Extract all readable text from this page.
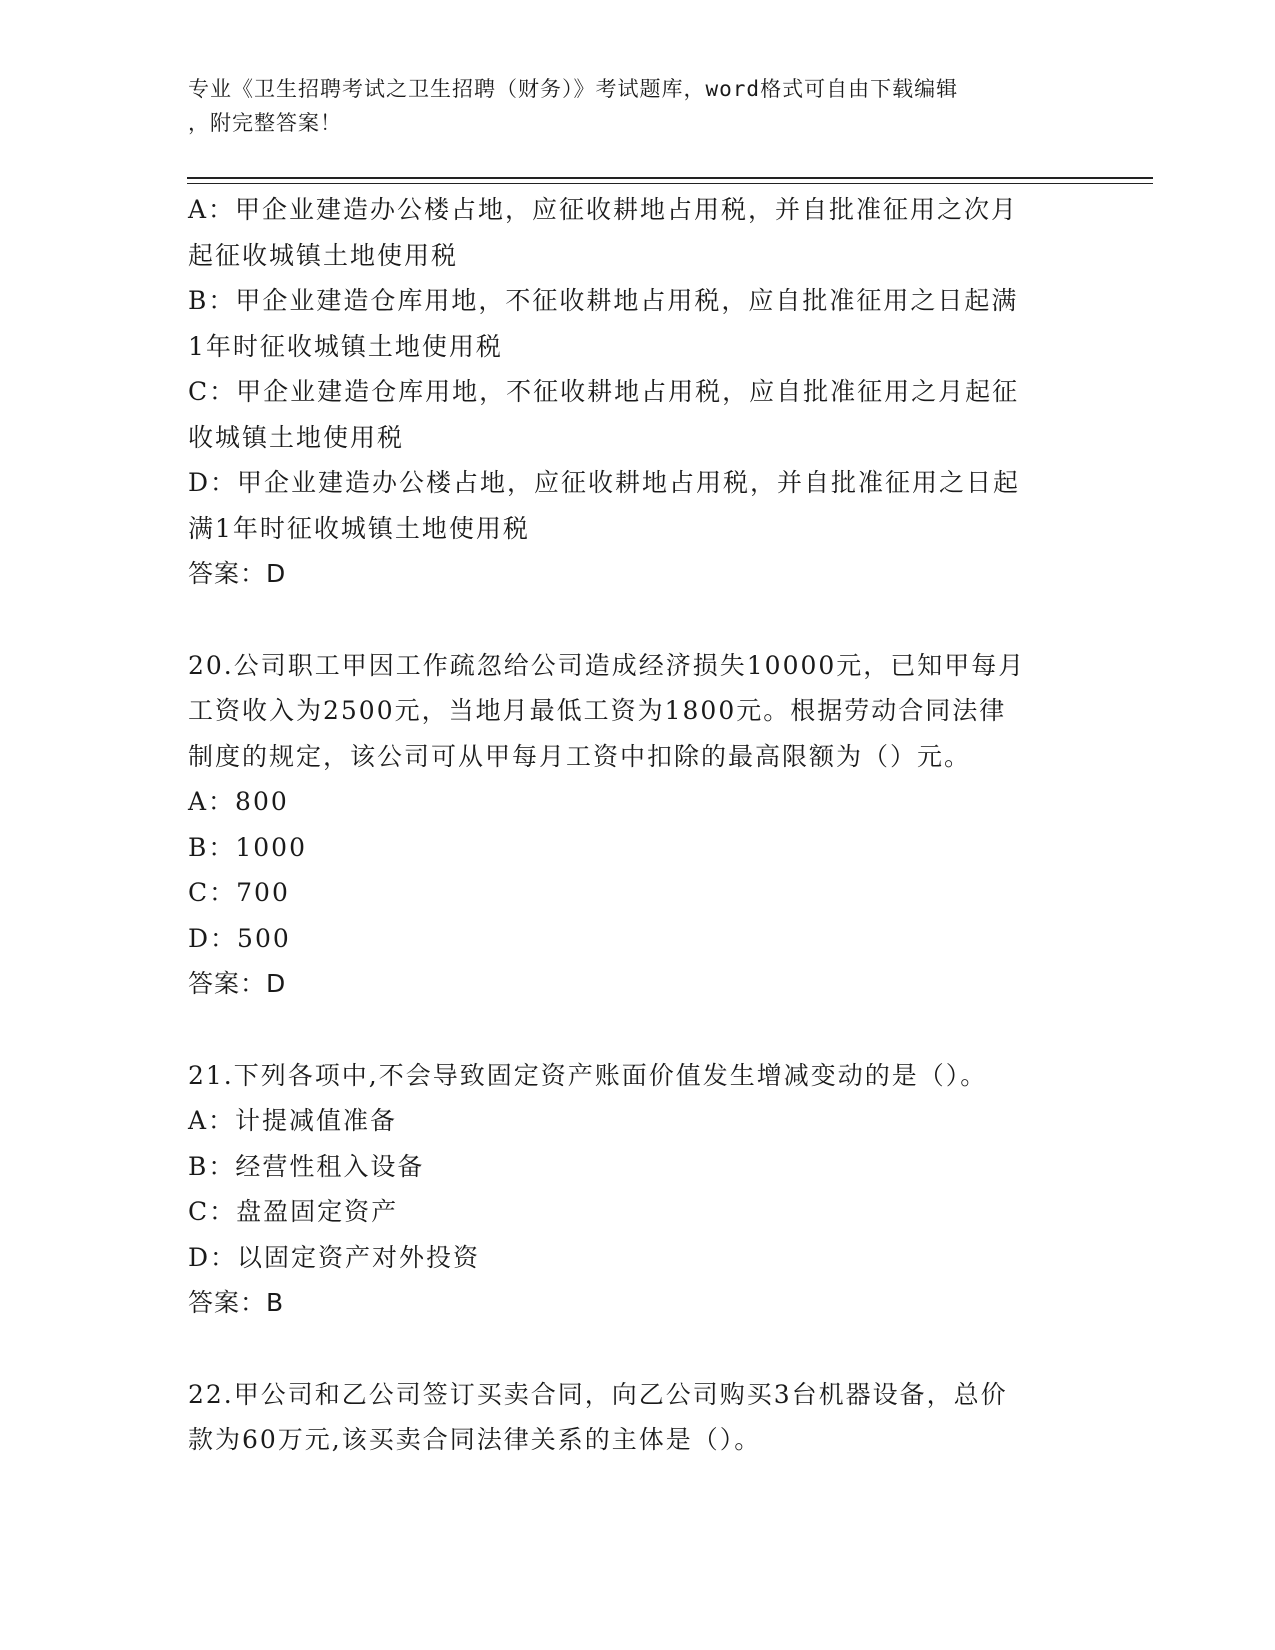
专业《卫生招聘考试之卫生招聘（财务）》考试题库，word格式可自由下载编辑
，附完整答案！
A：甲企业建造办公楼占地，应征收耕地占用税，并自批准征用之次月
起征收城镇土地使用税
B：甲企业建造仓库用地，不征收耕地占用税，应自批准征用之日起满
1年时征收城镇土地使用税
C：甲企业建造仓库用地，不征收耕地占用税，应自批准征用之月起征
收城镇土地使用税
D：甲企业建造办公楼占地，应征收耕地占用税，并自批准征用之日起
满1年时征收城镇土地使用税
答案：D
20.公司职工甲因工作疏忽给公司造成经济损失10000元，已知甲每月
工资收入为2500元，当地月最低工资为1800元。根据劳动合同法律
制度的规定，该公司可从甲每月工资中扣除的最高限额为（）元。
A：800
B：1000
C：700
D：500
答案：D
21.下列各项中,不会导致固定资产账面价值发生增减变动的是（）。
A：计提减值准备
B：经营性租入设备
C：盘盈固定资产
D：以固定资产对外投资
答案：B
22.甲公司和乙公司签订买卖合同，向乙公司购买3台机器设备，总价
款为60万元,该买卖合同法律关系的主体是（）。
